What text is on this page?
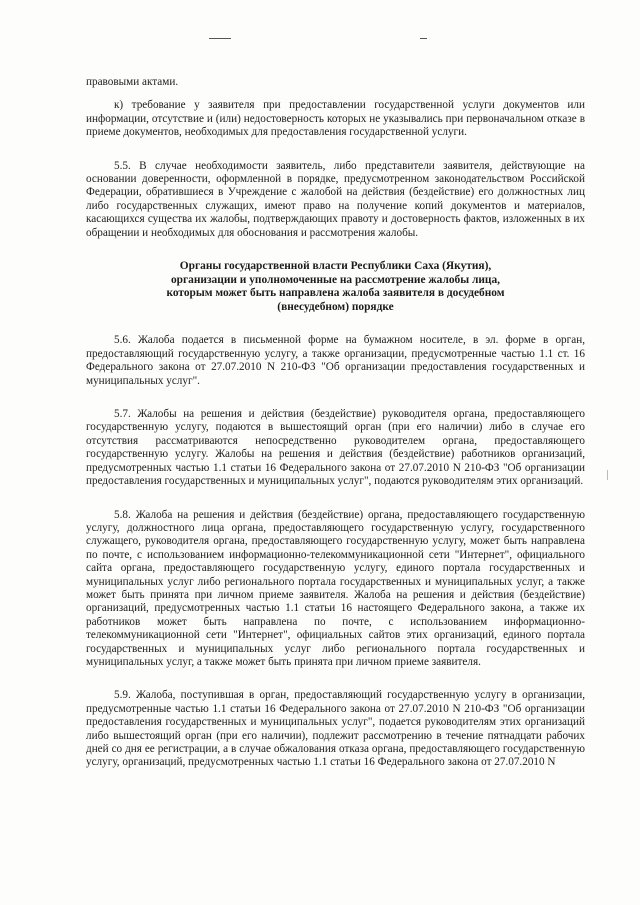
правовыми актами.

к) требование у заявителя при предоставлении государственной услуги документов или информации, отсутствие и (или) недостоверность которых не указывались при первоначальном отказе в приеме документов, необходимых для предоставления государственной услуги.

5.5. В случае необходимости заявитель, либо представители заявителя, действующие на основании доверенности, оформленной в порядке, предусмотренном законодательством Российской Федерации, обратившиеся в Учреждение с жалобой на действия (бездействие) его должностных лиц либо государственных служащих, имеют право на получение копий документов и материалов, касающихся существа их жалобы, подтверждающих правоту и достоверность фактов, изложенных в их обращении и необходимых для обоснования и рассмотрения жалобы.

Органы государственной власти Республики Саха (Якутия),
организации и уполномоченные на рассмотрение жалобы лица,
которым может быть направлена жалоба заявителя в досудебном
(внесудебном) порядке

5.6. Жалоба подается в письменной форме на бумажном носителе, в эл. форме в орган, предоставляющий государственную услугу, а также организации, предусмотренные частью 1.1 ст. 16 Федерального закона от 27.07.2010 N 210-ФЗ "Об организации предоставления государственных и муниципальных услуг".

5.7. Жалобы на решения и действия (бездействие) руководителя органа, предоставляющего государственную услугу, подаются в вышестоящий орган (при его наличии) либо в случае его отсутствия рассматриваются непосредственно руководителем органа, предоставляющего государственную услугу. Жалобы на решения и действия (бездействие) работников организаций, предусмотренных частью 1.1 статьи 16 Федерального закона от 27.07.2010 N 210-ФЗ "Об организации предоставления государственных и муниципальных услуг", подаются руководителям этих организаций.

5.8. Жалоба на решения и действия (бездействие) органа, предоставляющего государственную услугу, должностного лица органа, предоставляющего государственную услугу, государственного служащего, руководителя органа, предоставляющего государственную услугу, может быть направлена по почте, с использованием информационно-телекоммуникационной сети "Интернет", официального сайта органа, предоставляющего государственную услугу, единого портала государственных и муниципальных услуг либо регионального портала государственных и муниципальных услуг, а также может быть принята при личном приеме заявителя. Жалоба на решения и действия (бездействие) организаций, предусмотренных частью 1.1 статьи 16 настоящего Федерального закона, а также их работников может быть направлена по почте, с использованием информационно-телекоммуникационной сети "Интернет", официальных сайтов этих организаций, единого портала государственных и муниципальных услуг либо регионального портала государственных и муниципальных услуг, а также может быть принята при личном приеме заявителя.

5.9. Жалоба, поступившая в орган, предоставляющий государственную услугу в организации, предусмотренные частью 1.1 статьи 16 Федерального закона от 27.07.2010 N 210-ФЗ "Об организации предоставления государственных и муниципальных услуг", подается руководителям этих организаций либо вышестоящий орган (при его наличии), подлежит рассмотрению в течение пятнадцати рабочих дней со дня ее регистрации, а в случае обжалования отказа органа, предоставляющего государственную услугу, организаций, предусмотренных частью 1.1 статьи 16 Федерального закона от 27.07.2010 N
